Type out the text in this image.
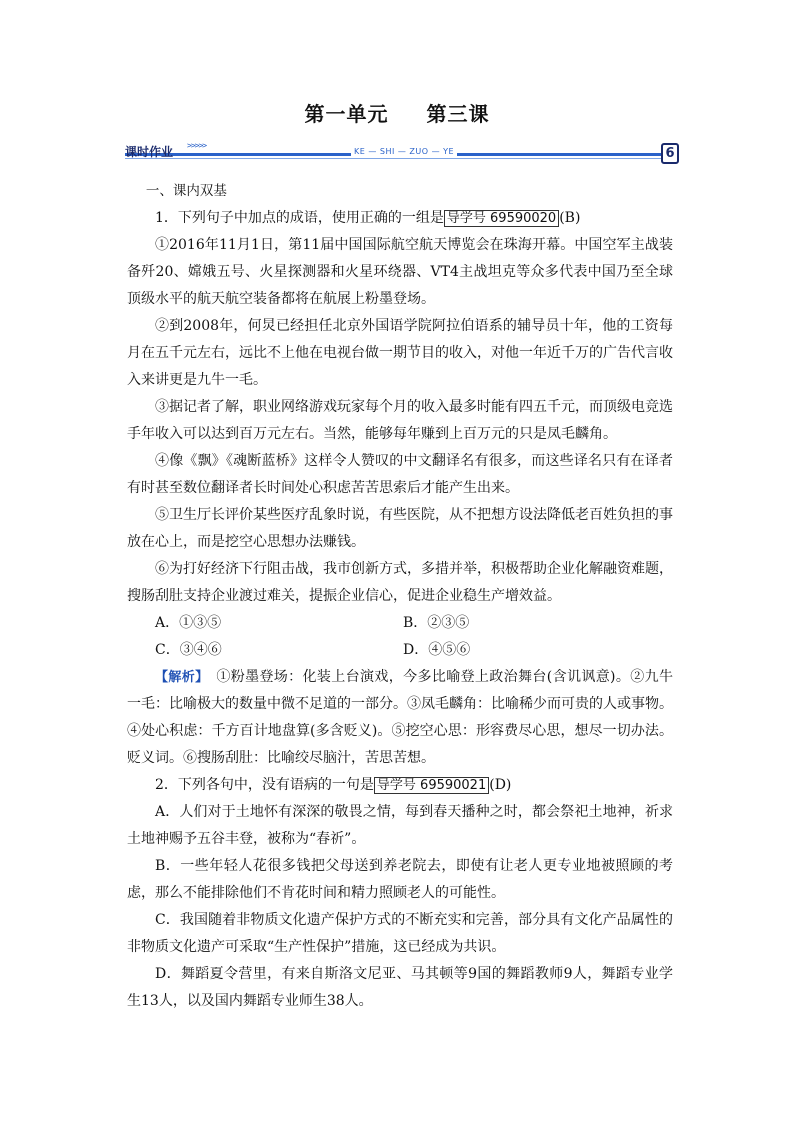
第一单元 第三课
课时作业 >>>>>
KE — SHI — ZUO — YE	6

一、课内双基

1．下列句子中加点的成语，使用正确的一组是 导学号 69590020 (B)

①2016年11月1日，第11届中国国际航空航天博览会在珠海开幕。中国空军主战装备歼20、嫦娥五号、火星探测器和火星环绕器、VT4主战坦克等众多代表中国乃至全球顶级水平的航天航空装备都将在航展上粉墨登场。

②到2008年，何炅已经担任北京外国语学院阿拉伯语系的辅导员十年，他的工资每月在五千元左右，远比不上他在电视台做一期节目的收入，对他一年近千万的广告代言收入来讲更是九牛一毛。

③据记者了解，职业网络游戏玩家每个月的收入最多时能有四五千元，而顶级电竞选手年收入可以达到百万元左右。当然，能够每年赚到上百万元的只是凤毛麟角。

④像《飘》《魂断蓝桥》这样令人赞叹的中文翻译名有很多，而这些译名只有在译者有时甚至数位翻译者长时间处心积虑苦苦思索后才能产生出来。

⑤卫生厅长评价某些医疗乱象时说，有些医院，从不把想方设法降低老百姓负担的事放在心上，而是挖空心思想办法赚钱。

⑥为打好经济下行阻击战，我市创新方式，多措并举，积极帮助企业化解融资难题，搜肠刮肚支持企业渡过难关，提振企业信心，促进企业稳生产增效益。

A．①③⑤	B．②③⑤
C．③④⑥	D．④⑤⑥

【解析】　 ①粉墨登场：化装上台演戏，今多比喻登上政治舞台(含讥讽意)。②九牛一毛：比喻极大的数量中微不足道的一部分。③凤毛麟角：比喻稀少而可贵的人或事物。④处心积虑：千方百计地盘算(多含贬义)。⑤挖空心思：形容费尽心思，想尽一切办法。贬义词。⑥搜肠刮肚：比喻绞尽脑汁，苦思苦想。

2．下列各句中，没有语病的一句是 导学号 69590021 (D)

A．人们对于土地怀有深深的敬畏之情，每到春天播种之时，都会祭祀土地神，祈求土地神赐予五谷丰登，被称为“春祈”。

B．一些年轻人花很多钱把父母送到养老院去，即使有让老人更专业地被照顾的考虑，那么不能排除他们不肯花时间和精力照顾老人的可能性。

C．我国随着非物质文化遗产保护方式的不断充实和完善，部分具有文化产品属性的非物质文化遗产可采取“生产性保护”措施，这已经成为共识。

D．舞蹈夏令营里，有来自斯洛文尼亚、马其顿等9国的舞蹈教师9人，舞蹈专业学生13人，以及国内舞蹈专业师生38人。
